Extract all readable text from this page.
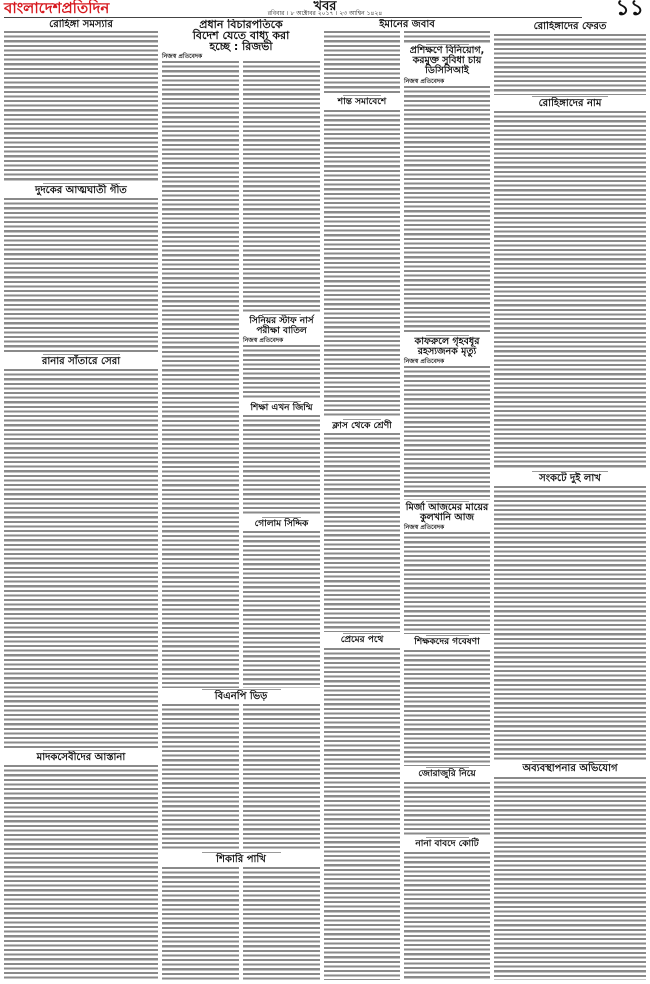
বাংলাদেশপ্রতিদিন	খবর
রবিবার । ৮ অক্টোবর ২০১৭ । ২৩ আশ্বিন ১৪২৪	১১
রোহিঙ্গা সমস্যার
দুদকের আত্মঘাতী গীত
রানার সাঁতারে সেরা
মাদকসেবীদের আস্তানা
প্রধান বিচারপতিকে
বিদেশ যেতে বাধ্য করা
হচ্ছে : রিজভী
নিজস্ব প্রতিবেদক
সিনিয়র স্টাফ নার্স
পরীক্ষা বাতিল
নিজস্ব প্রতিবেদক
শিক্ষা এখন জিম্মি
গোলাম সিদ্দিক
বিএনপি ভিড়
শিকারি পাখি
ইমানের জবাব
প্রশিক্ষণে বিনিয়োগ,
করমুক্ত সুবিধা চায়
ডিসিসিআই
নিজস্ব প্রতিবেদক
শান্ত সমাবেশে
কাফরুলে গৃহবধূর
রহস্যজনক মৃত্যু
নিজস্ব প্রতিবেদক
মির্জা আজমের মায়ের
কুলখানি আজ
নিজস্ব প্রতিবেদক
শিক্ষকদের গবেষণা
ক্লাস থেকে শ্রেণী
প্রেমের পথে
জোরাজুরি নিয়ে
নানা বাবদে কোটি
রোহিঙ্গাদের ফেরত
রোহিঙ্গাদের নাম
সংকটে দুই লাখ
অব্যবস্থাপনার অভিযোগ
